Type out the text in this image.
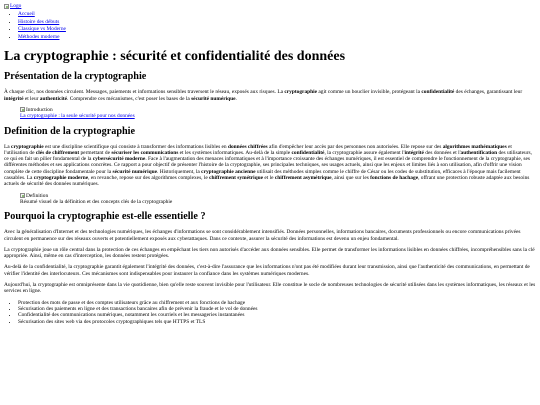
Logo
• Accueil
• Histoire des débuts
• Classique vs Moderne
• Méthodes moderne
La cryptographie : sécurité et confidentialité des données
Présentation de la cryptographie

À chaque clic, nos données circulent. Messages, paiements et informations sensibles traversent le réseau, exposés aux risques. La cryptographie agit comme un bouclier invisible, protégeant la confidentialité des échanges, garantissant leur intégrité et leur authenticité. Comprendre ces mécanismes, c'est poser les bases de la sécurité numérique.

Introduction
La cryptographie : la seule sécurité pour nos données
Definition de la cryptographie

La cryptographie est une discipline scientifique qui consiste à transformer des informations lisibles en données chiffrées afin d'empêcher leur accès par des personnes non autorisées. Elle repose sur des algorithmes mathématiques et l'utilisation de clés de chiffrement permettant de sécuriser les communications et les systèmes informatiques. Au-delà de la simple confidentialité, la cryptographie assure également l'intégrité des données et l'authentification des utilisateurs, ce qui en fait un pilier fondamental de la cybersécurité moderne. Face à l'augmentation des menaces informatiques et à l'importance croissante des échanges numériques, il est essentiel de comprendre le fonctionnement de la cryptographie, ses différentes méthodes et ses applications concrètes. Ce rapport a pour objectif de présenter l'histoire de la cryptographie, ses principales techniques, ses usages actuels, ainsi que les enjeux et limites liés à son utilisation, afin d'offrir une vision complète de cette discipline fondamentale pour la sécurité numérique. Historiquement, la cryptographie ancienne utilisait des méthodes simples comme le chiffre de César ou les codes de substitution, efficaces à l'époque mais facilement cassables. La cryptographie moderne, en revanche, repose sur des algorithmes complexes, le chiffrement symétrique et le chiffrement asymétrique, ainsi que sur les fonctions de hachage, offrant une protection robuste adaptée aux besoins actuels de sécurité des données numériques.

Definition
Résumé visuel de la définition et des concepts clés de la cryptographie
Pourquoi la cryptographie est-elle essentielle ?

Avec la généralisation d'Internet et des technologies numériques, les échanges d'informations se sont considérablement intensifiés. Données personnelles, informations bancaires, documents professionnels ou encore communications privées circulent en permanence sur des réseaux ouverts et potentiellement exposés aux cyberattaques. Dans ce contexte, assurer la sécurité des informations est devenu un enjeu fondamental.

La cryptographie joue un rôle central dans la protection de ces échanges en empêchant les tiers non autorisés d'accéder aux données sensibles. Elle permet de transformer les informations lisibles en données chiffrées, incompréhensibles sans la clé appropriée. Ainsi, même en cas d'interception, les données restent protégées.

Au-delà de la confidentialité, la cryptographie garantit également l'intégrité des données, c'est-à-dire l'assurance que les informations n'ont pas été modifiées durant leur transmission, ainsi que l'authenticité des communications, en permettant de vérifier l'identité des interlocuteurs. Ces mécanismes sont indispensables pour instaurer la confiance dans les systèmes numériques modernes.

Aujourd'hui, la cryptographie est omniprésente dans la vie quotidienne, bien qu'elle reste souvent invisible pour l'utilisateur. Elle constitue le socle de nombreuses technologies de sécurité utilisées dans les systèmes informatiques, les réseaux et les services en ligne.

• Protection des mots de passe et des comptes utilisateurs grâce au chiffrement et aux fonctions de hachage
• Sécurisation des paiements en ligne et des transactions bancaires afin de prévenir la fraude et le vol de données
• Confidentialité des communications numériques, notamment les courriels et les messageries instantanées
• Sécurisation des sites web via des protocoles cryptographiques tels que HTTPS et TLS
